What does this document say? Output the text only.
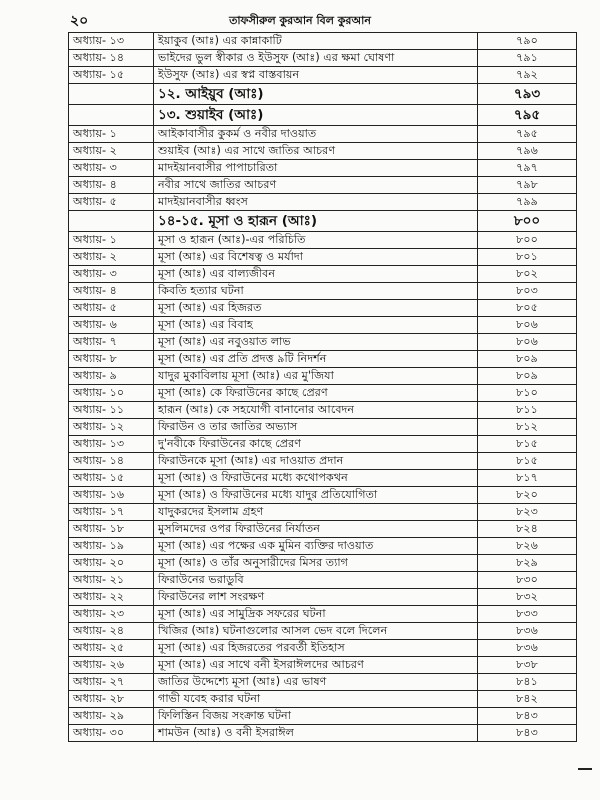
২০	তাফসীরুল কুরআন বিল কুরআন
অধ্যায়- ১৩	ইয়াকুব (আঃ) এর কান্নাকাটি	৭৯০
অধ্যায়- ১৪	ভাইদের ভুল স্বীকার ও ইউসুফ (আঃ) এর ক্ষমা ঘোষণা	৭৯১
অধ্যায়- ১৫	ইউসুফ (আঃ) এর স্বপ্ন বাস্তবায়ন	৭৯২
	১২. আইয়ুব (আঃ)	৭৯৩
	১৩. শুয়াইব (আঃ)	৭৯৫
অধ্যায়- ১	আইকাবাসীর কুকর্ম ও নবীর দাওয়াত	৭৯৫
অধ্যায়- ২	শুয়াইব (আঃ) এর সাথে জাতির আচরণ	৭৯৬
অধ্যায়- ৩	মাদইয়ানবাসীর পাপাচারিতা	৭৯৭
অধ্যায়- ৪	নবীর সাথে জাতির আচরণ	৭৯৮
অধ্যায়- ৫	মাদইয়ানবাসীর ধ্বংস	৭৯৯
	১৪-১৫. মূসা ও হারূন (আঃ)	৮০০
অধ্যায়- ১	মূসা ও হারূন (আঃ)-এর পরিচিতি	৮০০
অধ্যায়- ২	মূসা (আঃ) এর বিশেষত্ব ও মর্যাদা	৮০১
অধ্যায়- ৩	মূসা (আঃ) এর বাল্যজীবন	৮০২
অধ্যায়- ৪	কিবতি হত্যার ঘটনা	৮০৩
অধ্যায়- ৫	মূসা (আঃ) এর হিজরত	৮০৫
অধ্যায়- ৬	মূসা (আঃ) এর বিবাহ	৮০৬
অধ্যায়- ৭	মূসা (আঃ) এর নবুওয়াত লাভ	৮০৬
অধ্যায়- ৮	মূসা (আঃ) এর প্রতি প্রদত্ত ৯টি নিদর্শন	৮০৯
অধ্যায়- ৯	যাদুর মুকাবিলায় মূসা (আঃ) এর মু'জিযা	৮০৯
অধ্যায়- ১০	মূসা (আঃ) কে ফিরাউনের কাছে প্রেরণ	৮১০
অধ্যায়- ১১	হারূন (আঃ) কে সহযোগী বানানোর আবেদন	৮১১
অধ্যায়- ১২	ফিরাউন ও তার জাতির অভ্যাস	৮১২
অধ্যায়- ১৩	দু'নবীকে ফিরাউনের কাছে প্রেরণ	৮১৫
অধ্যায়- ১৪	ফিরাউনকে মূসা (আঃ) এর দাওয়াত প্রদান	৮১৫
অধ্যায়- ১৫	মূসা (আঃ) ও ফিরাউনের মধ্যে কথোপকথন	৮১৭
অধ্যায়- ১৬	মূসা (আঃ) ও ফিরাউনের মধ্যে যাদুর প্রতিযোগিতা	৮২০
অধ্যায়- ১৭	যাদুকরদের ইসলাম গ্রহণ	৮২৩
অধ্যায়- ১৮	মুসলিমদের ওপর ফিরাউনের নির্যাতন	৮২৪
অধ্যায়- ১৯	মূসা (আঃ) এর পক্ষের এক মুমিন ব্যক্তির দাওয়াত	৮২৬
অধ্যায়- ২০	মূসা (আঃ) ও তাঁর অনুসারীদের মিসর ত্যাগ	৮২৯
অধ্যায়- ২১	ফিরাউনের ভরাডুবি	৮৩০
অধ্যায়- ২২	ফিরাউনের লাশ সংরক্ষণ	৮৩২
অধ্যায়- ২৩	মূসা (আঃ) এর সামুদ্রিক সফরের ঘটনা	৮৩৩
অধ্যায়- ২৪	খিজির (আঃ) ঘটনাগুলোর আসল ভেদ বলে দিলেন	৮৩৬
অধ্যায়- ২৫	মূসা (আঃ) এর হিজরতের পরবর্তী ইতিহাস	৮৩৬
অধ্যায়- ২৬	মূসা (আঃ) এর সাথে বনী ইসরাঈলদের আচরণ	৮৩৮
অধ্যায়- ২৭	জাতির উদ্দেশ্যে মূসা (আঃ) এর ভাষণ	৮৪১
অধ্যায়- ২৮	গাভী যবেহ করার ঘটনা	৮৪২
অধ্যায়- ২৯	ফিলিস্তিন বিজয় সংক্রান্ত ঘটনা	৮৪৩
অধ্যায়- ৩০	শামউন (আঃ) ও বনী ইসরাঈল	৮৪৩
